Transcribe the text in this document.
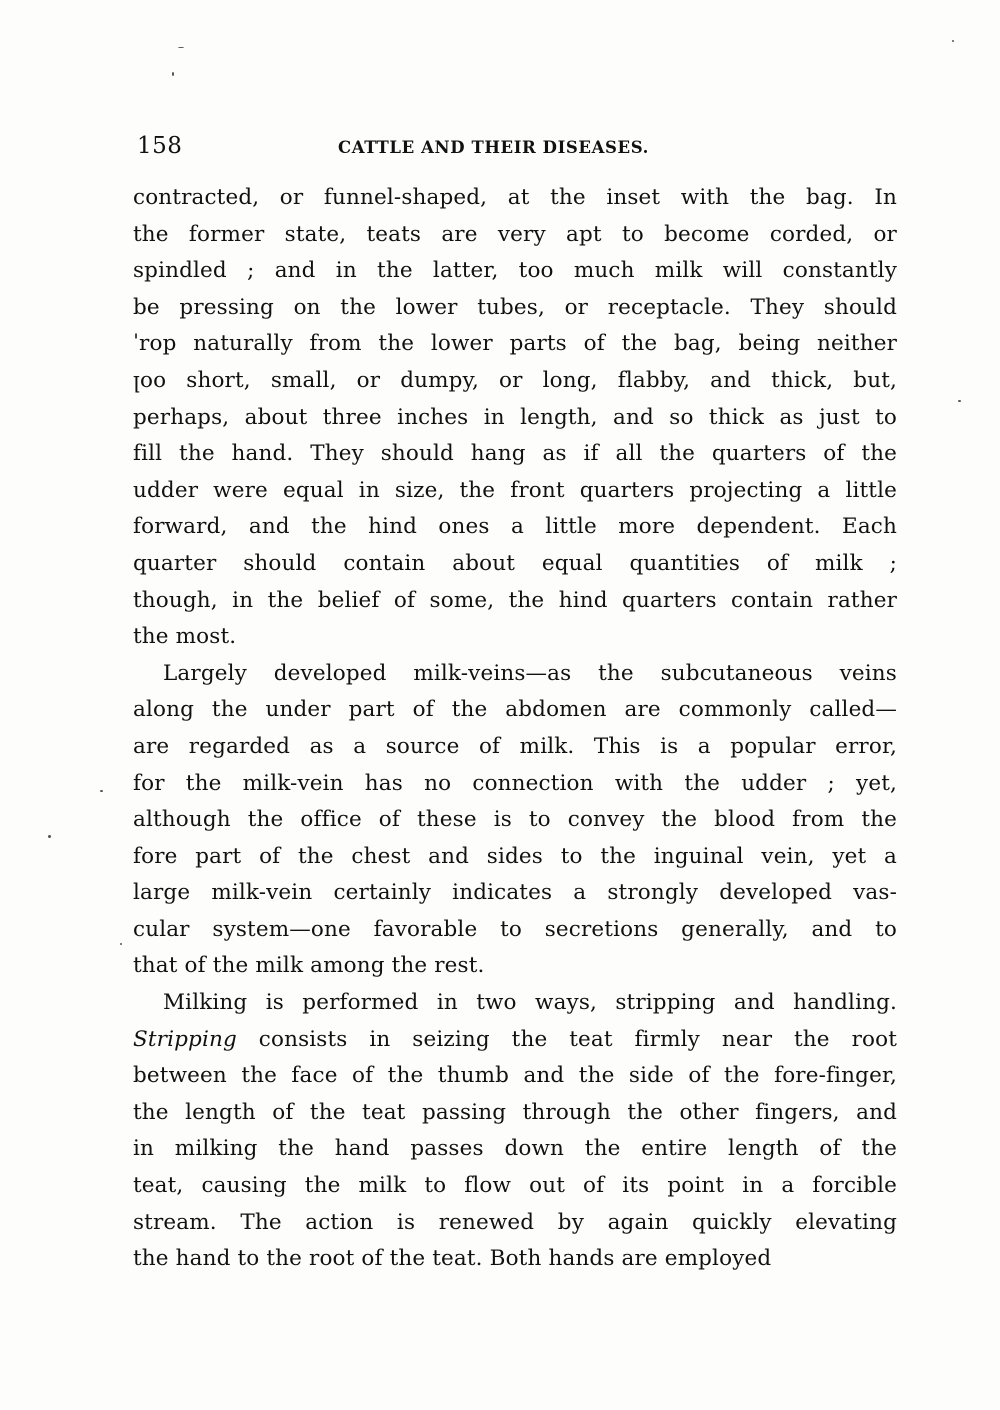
158	CATTLE AND THEIR DISEASES.
contracted, or funnel-shaped, at the inset with the bag. In
the former state, teats are very apt to become corded, or
spindled ; and in the latter, too much milk will constantly
be pressing on the lower tubes, or receptacle. They should
ˈrop naturally from the lower parts of the bag, being neither
ꞁoo short, small, or dumpy, or long, flabby, and thick, but,
perhaps, about three inches in length, and so thick as just to
fill the hand. They should hang as if all the quarters of the
udder were equal in size, the front quarters projecting a little
forward, and the hind ones a little more dependent. Each
quarter should contain about equal quantities of milk ;
though, in the belief of some, the hind quarters contain rather
the most.
Largely developed milk-veins—as the subcutaneous veins
along the under part of the abdomen are commonly called—
are regarded as a source of milk. This is a popular error,
for the milk-vein has no connection with the udder ; yet,
although the office of these is to convey the blood from the
fore part of the chest and sides to the inguinal vein, yet a
large milk-vein certainly indicates a strongly developed vas-
cular system—one favorable to secretions generally, and to
that of the milk among the rest.
Milking is performed in two ways, stripping and handling.
Stripping consists in seizing the teat firmly near the root
between the face of the thumb and the side of the fore-finger,
the length of the teat passing through the other fingers, and
in milking the hand passes down the entire length of the
teat, causing the milk to flow out of its point in a forcible
stream. The action is renewed by again quickly elevating
the hand to the root of the teat. Both hands are employed
